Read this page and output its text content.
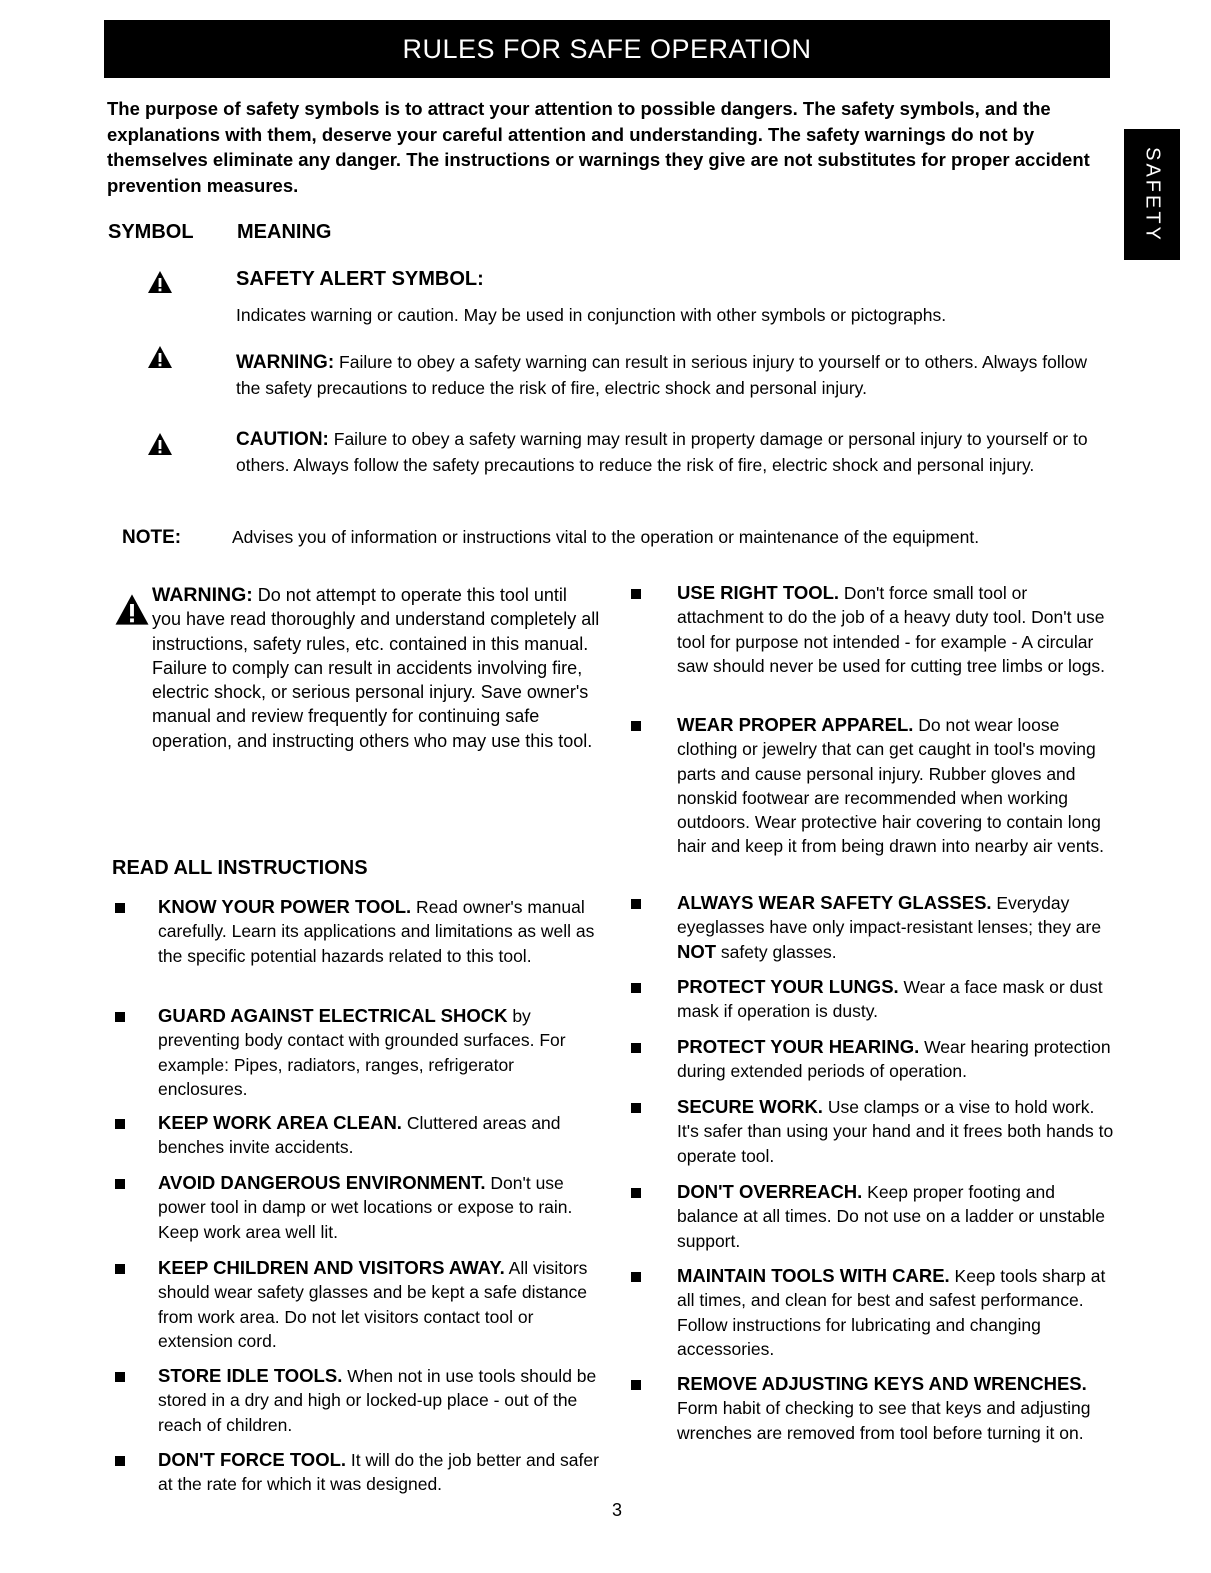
RULES FOR SAFE OPERATION
SAFETY

The purpose of safety symbols is to attract your attention to possible dangers. The safety symbols, and the explanations with them, deserve your careful attention and understanding. The safety warnings do not by themselves eliminate any danger. The instructions or warnings they give are not substitutes for proper accident prevention measures.

SYMBOL MEANING
SAFETY ALERT SYMBOL:

Indicates warning or caution. May be used in conjunction with other symbols or pictographs.

WARNING: Failure to obey a safety warning can result in serious injury to yourself or to others. Always follow the safety precautions to reduce the risk of fire, electric shock and personal injury.

CAUTION: Failure to obey a safety warning may result in property damage or personal injury to yourself or to others. Always follow the safety precautions to reduce the risk of fire, electric shock and personal injury.

NOTE:	Advises you of information or instructions vital to the operation or maintenance of the equipment.

WARNING: Do not attempt to operate this tool until you have read thoroughly and understand completely all instructions, safety rules, etc. contained in this manual. Failure to comply can result in accidents involving fire, electric shock, or serious personal injury. Save owner's manual and review frequently for continuing safe operation, and instructing others who may use this tool.

READ ALL INSTRUCTIONS

KNOW YOUR POWER TOOL. Read owner's manual carefully. Learn its applications and limitations as well as the specific potential hazards related to this tool.

GUARD AGAINST ELECTRICAL SHOCK by preventing body contact with grounded surfaces. For example: Pipes, radiators, ranges, refrigerator enclosures.

KEEP WORK AREA CLEAN. Cluttered areas and benches invite accidents.

AVOID DANGEROUS ENVIRONMENT. Don't use power tool in damp or wet locations or expose to rain. Keep work area well lit.

KEEP CHILDREN AND VISITORS AWAY. All visitors should wear safety glasses and be kept a safe distance from work area. Do not let visitors contact tool or extension cord.

STORE IDLE TOOLS. When not in use tools should be stored in a dry and high or locked-up place - out of the reach of children.

DON'T FORCE TOOL. It will do the job better and safer at the rate for which it was designed.

USE RIGHT TOOL. Don't force small tool or attachment to do the job of a heavy duty tool. Don't use tool for purpose not intended - for example - A circular saw should never be used for cutting tree limbs or logs.

WEAR PROPER APPAREL. Do not wear loose clothing or jewelry that can get caught in tool's moving parts and cause personal injury. Rubber gloves and nonskid footwear are recommended when working outdoors. Wear protective hair covering to contain long hair and keep it from being drawn into nearby air vents.

ALWAYS WEAR SAFETY GLASSES. Everyday eyeglasses have only impact-resistant lenses; they are NOT safety glasses.

PROTECT YOUR LUNGS. Wear a face mask or dust mask if operation is dusty.

PROTECT YOUR HEARING. Wear hearing protection during extended periods of operation.

SECURE WORK. Use clamps or a vise to hold work. It's safer than using your hand and it frees both hands to operate tool.

DON'T OVERREACH. Keep proper footing and balance at all times. Do not use on a ladder or unstable support.

MAINTAIN TOOLS WITH CARE. Keep tools sharp at all times, and clean for best and safest performance. Follow instructions for lubricating and changing accessories.

REMOVE ADJUSTING KEYS AND WRENCHES. Form habit of checking to see that keys and adjusting wrenches are removed from tool before turning it on.

3
